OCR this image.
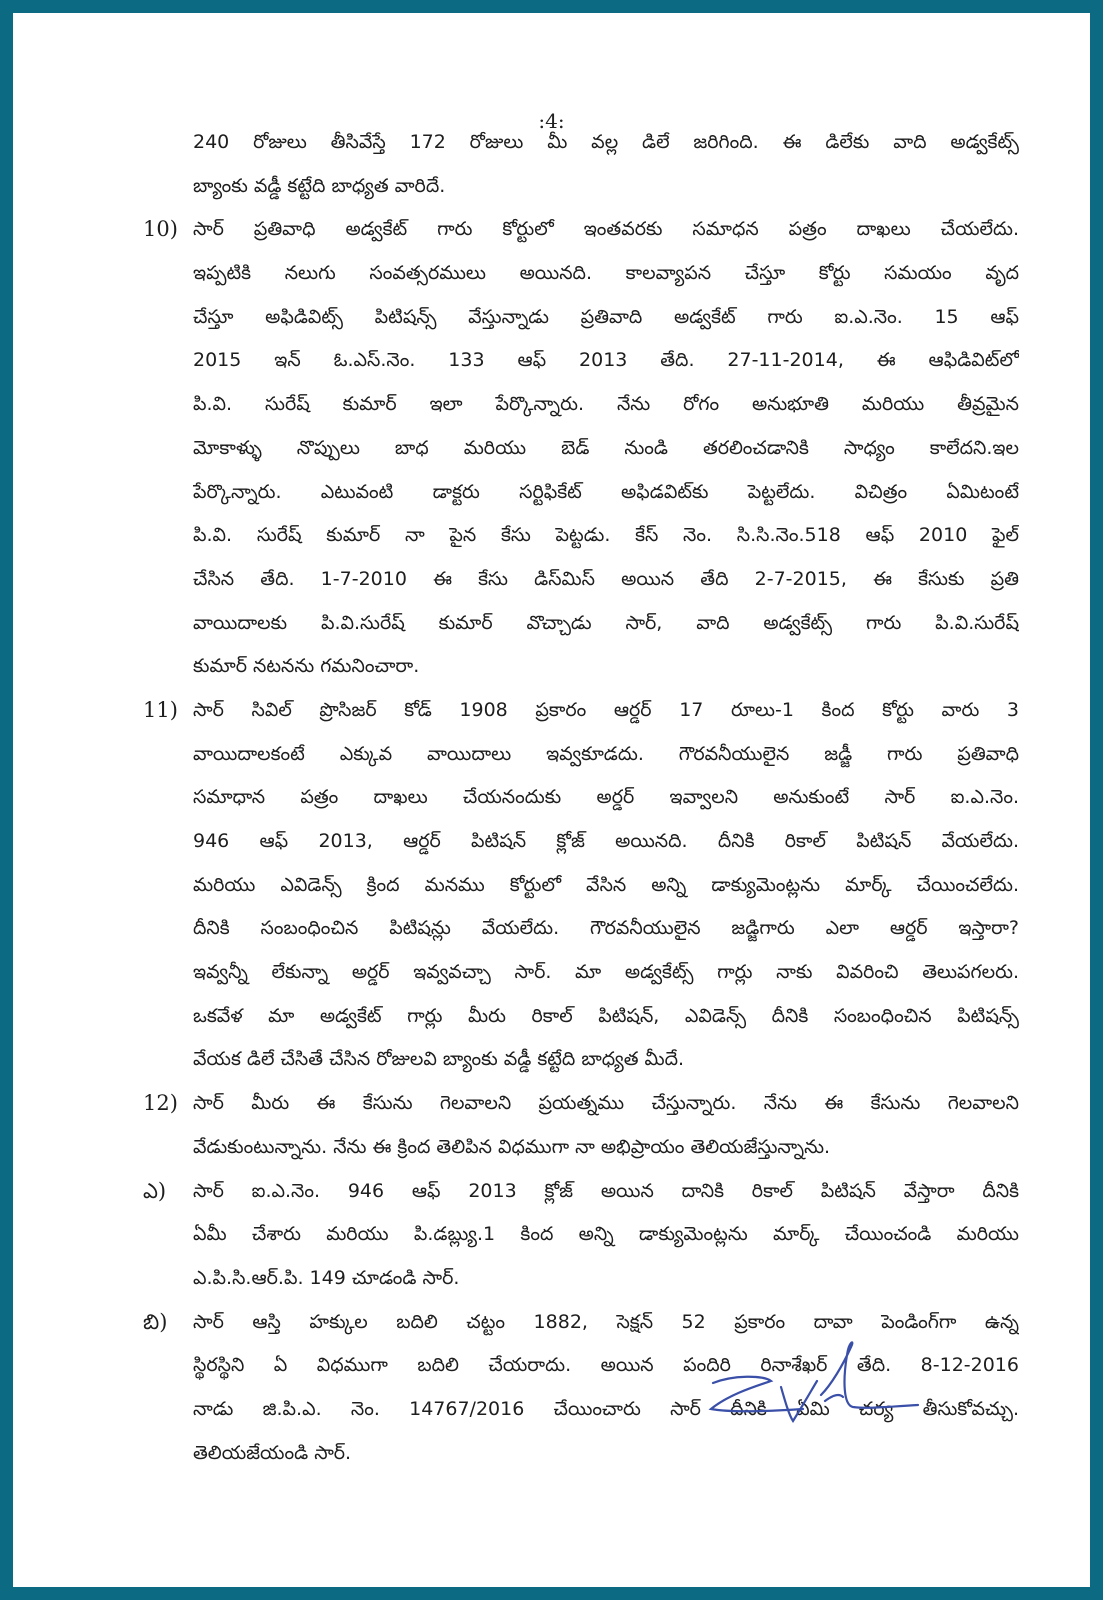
:4:
240 రోజులు తీసివేస్తే 172 రోజులు మీ వల్ల డిలే జరిగింది. ఈ డిలేకు వాది అడ్వకేట్స్
బ్యాంకు వడ్డీ కట్టేది బాధ్యత వారిదే.
10) సార్ ప్రతివాధి అడ్వకేట్ గారు కోర్టులో ఇంతవరకు సమాధన పత్రం దాఖలు చేయలేదు.
ఇప్పటికి నలుగు సంవత్సరములు అయినది. కాలవ్యాపన చేస్తూ కోర్టు సమయం వృద
చేస్తూ అఫిడివిట్స్ పిటిషన్స్ వేస్తున్నాడు ప్రతివాది అడ్వకేట్ గారు ఐ.ఎ.నెం. 15 ఆఫ్
2015 ఇన్ ఓ.ఎస్.నెం. 133 ఆఫ్ 2013 తేది. 27-11-2014, ఈ ఆఫిడివిట్‌లో
పి.వి. సురేష్ కుమార్ ఇలా పేర్కొన్నారు. నేను రోగం అనుభూతి మరియు తీవ్రమైన
మోకాళ్ళు నొప్పులు బాధ మరియు బెడ్ నుండి తరలించడానికి సాధ్యం కాలేదని.ఇల
పేర్కొన్నారు. ఎటువంటి డాక్టరు సర్టిఫికేట్ అఫిడవిట్‌కు పెట్టలేదు. విచిత్రం ఏమిటంటే
పి.వి. సురేష్ కుమార్ నా పైన కేసు పెట్టడు. కేస్ నెం. సి.సి.నెం.518 ఆఫ్ 2010 ఫైల్
చేసిన తేది. 1-7-2010 ఈ కేసు డిస్‌మిస్ అయిన తేది 2-7-2015, ఈ కేసుకు ప్రతి
వాయిదాలకు పి.వి.సురేష్ కుమార్ వొచ్చాడు సార్, వాది అడ్వకేట్స్ గారు పి.వి.సురేష్
కుమార్ నటనను గమనించారా.
11) సార్ సివిల్ ప్రొసిజర్ కోడ్ 1908 ప్రకారం ఆర్డర్ 17 రూలు-1 కింద కోర్టు వారు 3
వాయిదాలకంటే ఎక్కువ వాయిదాలు ఇవ్వకూడదు. గౌరవనీయులైన జడ్జీ గారు ప్రతివాధి
సమాధాన పత్రం దాఖలు చేయనందుకు అర్డర్ ఇవ్వాలని అనుకుంటే సార్ ఐ.ఎ.నెం.
946 ఆఫ్ 2013, ఆర్డర్ పిటిషన్ క్లోజ్ అయినది. దీనికి రికాల్ పిటిషన్ వేయలేదు.
మరియు ఎవిడెన్స్ క్రింద మనము కోర్టులో వేసిన అన్ని డాక్యుమెంట్లను మార్క్ చేయించలేదు.
దీనికి సంబంధించిన పిటిషన్లు వేయలేదు. గౌరవనీయులైన జడ్జిగారు ఎలా ఆర్డర్ ఇస్తారా?
ఇవ్వన్నీ లేకున్నా అర్డర్ ఇవ్వవచ్చా సార్. మా అడ్వకేట్స్ గార్లు నాకు వివరించి తెలుపగలరు.
ఒకవేళ మా అడ్వకేట్ గార్లు మీరు రికాల్ పిటిషన్, ఎవిడెన్స్ దీనికి సంబంధించిన పిటిషన్స్
వేయక డిలే చేసితే చేసిన రోజులవి బ్యాంకు వడ్డీ కట్టేది బాధ్యత మీదే.
12) సార్ మీరు ఈ కేసును గెలవాలని ప్రయత్నము చేస్తున్నారు. నేను ఈ కేసును గెలవాలని
వేడుకుంటున్నాను. నేను ఈ క్రింద తెలిపిన విధముగా నా అభిప్రాయం తెలియజేస్తున్నాను.
ఎ) సార్ ఐ.ఎ.నెం. 946 ఆఫ్ 2013 క్లోజ్ అయిన దానికి రికాల్ పిటిషన్ వేస్తారా దీనికి
ఏమీ చేశారు మరియు పి.డబ్ల్యు.1 కింద అన్ని డాక్యుమెంట్లను మార్క్ చేయించండి మరియు
ఎ.పి.సి.ఆర్.పి. 149 చూడండి సార్.
బి) సార్ ఆస్తి హక్కుల బదిలి చట్టం 1882, సెక్షన్ 52 ప్రకారం దావా పెండింగ్‌గా ఉన్న
స్థిరస్థిని ఏ విధముగా బదిలి చేయరాదు. అయిన పందిరి రినాశేఖర్ తేది. 8-12-2016
నాడు జి.పి.ఎ. నెం. 14767/2016 చేయించారు సార్ దీనికి ఏమి చర్య తీసుకోవచ్చు.
తెలియజేయండి సార్.
